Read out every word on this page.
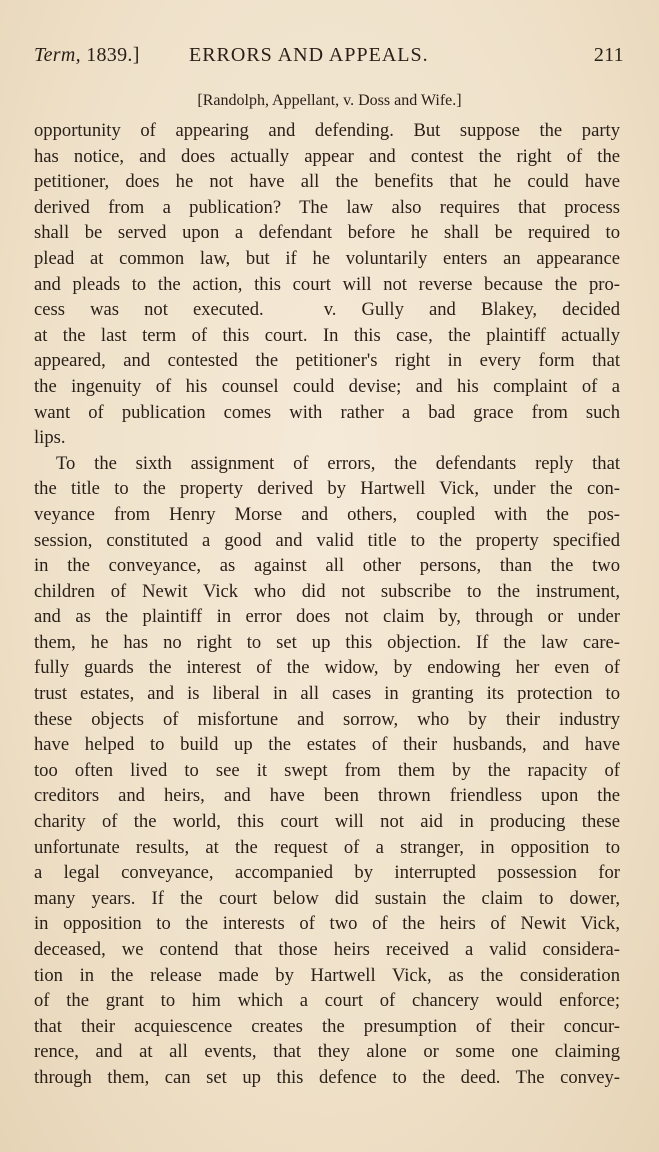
Term, 1839.] ERRORS AND APPEALS.	211
[Randolph, Appellant, v. Doss and Wife.]

opportunity of appearing and defending. But suppose the party
has notice, and does actually appear and contest the right of the
petitioner, does he not have all the benefits that he could have
derived from a publication? The law also requires that process
shall be served upon a defendant before he shall be required to
plead at common law, but if he voluntarily enters an appearance
and pleads to the action, this court will not reverse because the pro-
cess was not executed.	v. Gully and Blakey, decided
at the last term of this court. In this case, the plaintiff actually
appeared, and contested the petitioner's right in every form that
the ingenuity of his counsel could devise; and his complaint of a
want of publication comes with rather a bad grace from such
lips.

To the sixth assignment of errors, the defendants reply that
the title to the property derived by Hartwell Vick, under the con-
veyance from Henry Morse and others, coupled with the pos-
session, constituted a good and valid title to the property specified
in the conveyance, as against all other persons, than the two
children of Newit Vick who did not subscribe to the instrument,
and as the plaintiff in error does not claim by, through or under
them, he has no right to set up this objection. If the law care-
fully guards the interest of the widow, by endowing her even of
trust estates, and is liberal in all cases in granting its protection to
these objects of misfortune and sorrow, who by their industry
have helped to build up the estates of their husbands, and have
too often lived to see it swept from them by the rapacity of
creditors and heirs, and have been thrown friendless upon the
charity of the world, this court will not aid in producing these
unfortunate results, at the request of a stranger, in opposition to
a legal conveyance, accompanied by interrupted possession for
many years. If the court below did sustain the claim to dower,
in opposition to the interests of two of the heirs of Newit Vick,
deceased, we contend that those heirs received a valid considera-
tion in the release made by Hartwell Vick, as the consideration
of the grant to him which a court of chancery would enforce;
that their acquiescence creates the presumption of their concur-
rence, and at all events, that they alone or some one claiming
through them, can set up this defence to the deed. The convey-
